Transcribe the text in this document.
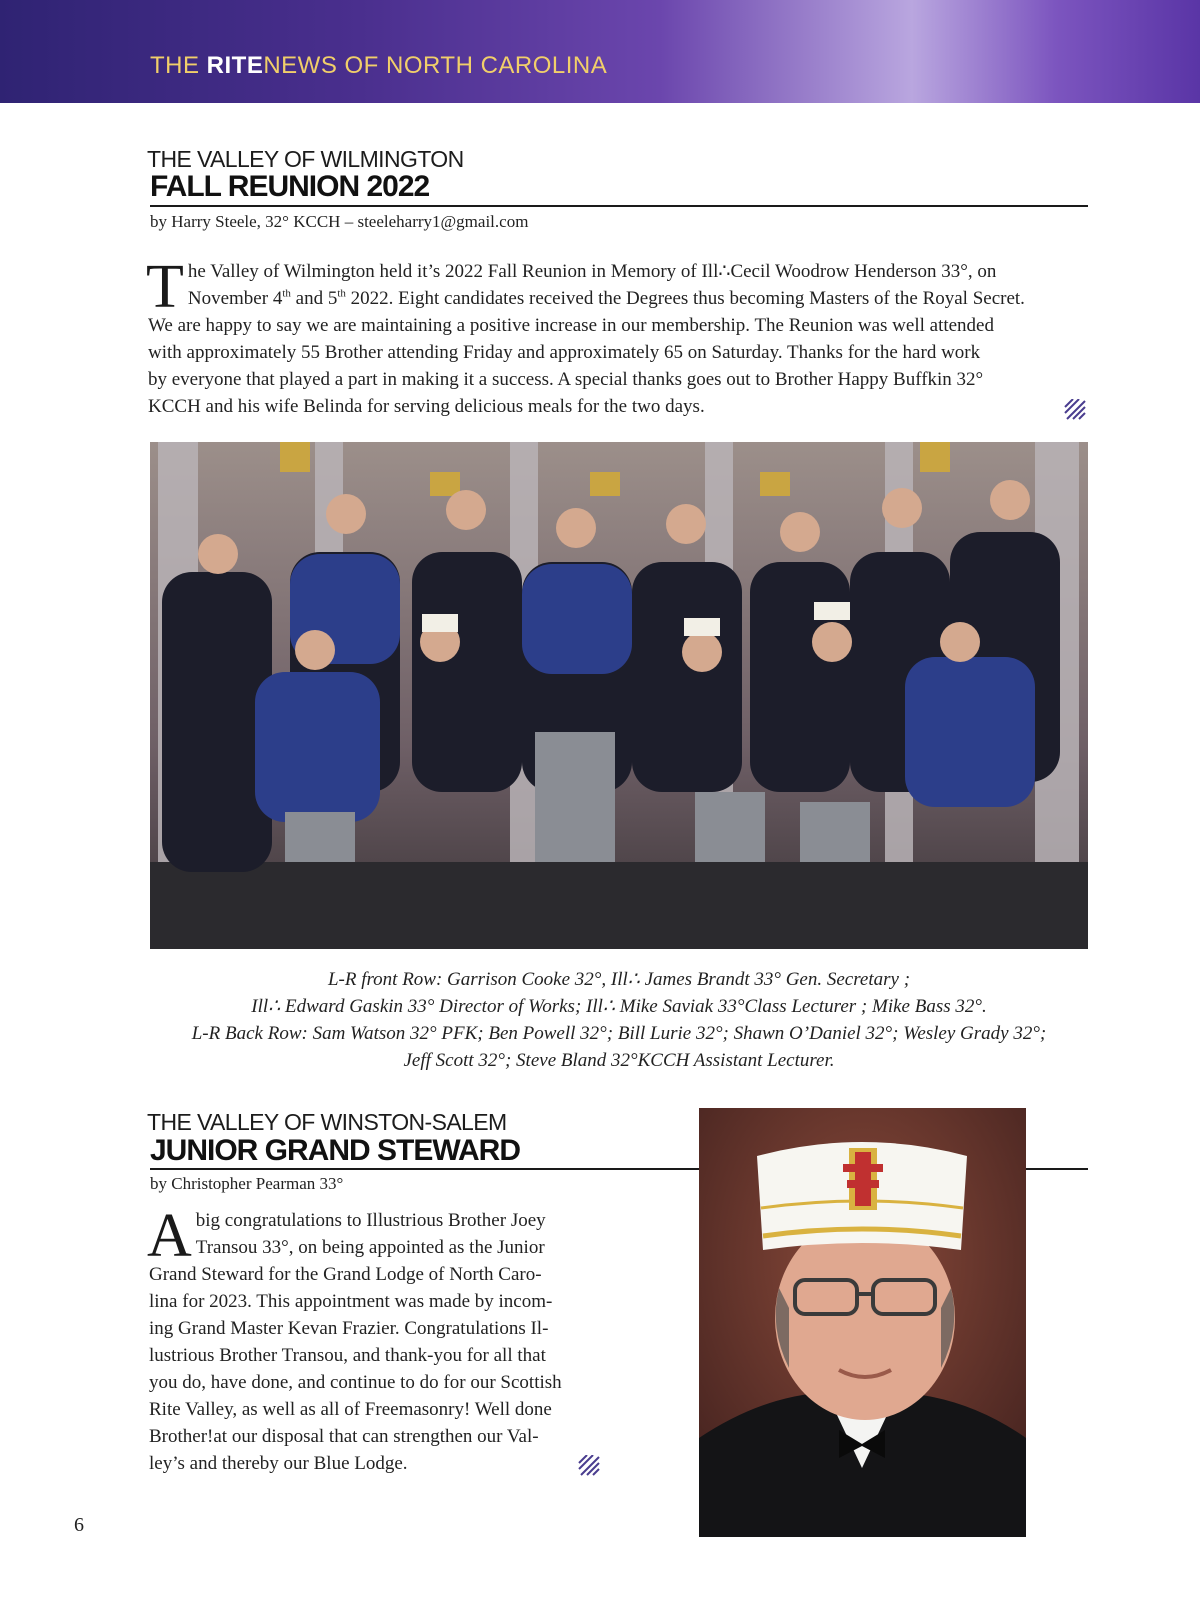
THE RITENEWS OF NORTH CAROLINA
THE VALLEY OF WILMINGTON
FALL REUNION 2022
by Harry Steele, 32° KCCH – steeleharry1@gmail.com
T he Valley of Wilmington held it’s 2022 Fall Reunion in Memory of Ill∴Cecil Woodrow Henderson 33°, on
November 4th and 5th 2022. Eight candidates received the Degrees thus becoming Masters of the Royal Secret.
We are happy to say we are maintaining a positive increase in our membership. The Reunion was well attended
with approximately 55 Brother attending Friday and approximately 65 on Saturday. Thanks for the hard work
by everyone that played a part in making it a success. A special thanks goes out to Brother Happy Buffkin 32°
KCCH and his wife Belinda for serving delicious meals for the two days.
L-R front Row: Garrison Cooke 32°, Ill∴ James Brandt 33° Gen. Secretary ;
Ill∴ Edward Gaskin 33° Director of Works; Ill∴ Mike Saviak 33°Class Lecturer ; Mike Bass 32°.
L-R Back Row: Sam Watson 32° PFK; Ben Powell 32°; Bill Lurie 32°; Shawn O’Daniel 32°; Wesley Grady 32°;
Jeff Scott 32°; Steve Bland 32°KCCH Assistant Lecturer.
THE VALLEY OF WINSTON-SALEM
JUNIOR GRAND STEWARD
by Christopher Pearman 33°
A big congratulations to Illustrious Brother Joey
Transou 33°, on being appointed as the Junior
Grand Steward for the Grand Lodge of North Caro-
lina for 2023. This appointment was made by incom-
ing Grand Master Kevan Frazier. Congratulations Il-
lustrious Brother Transou, and thank-you for all that
you do, have done, and continue to do for our Scottish
Rite Valley, as well as all of Freemasonry! Well done
Brother!at our disposal that can strengthen our Val-
ley’s and thereby our Blue Lodge.
6
